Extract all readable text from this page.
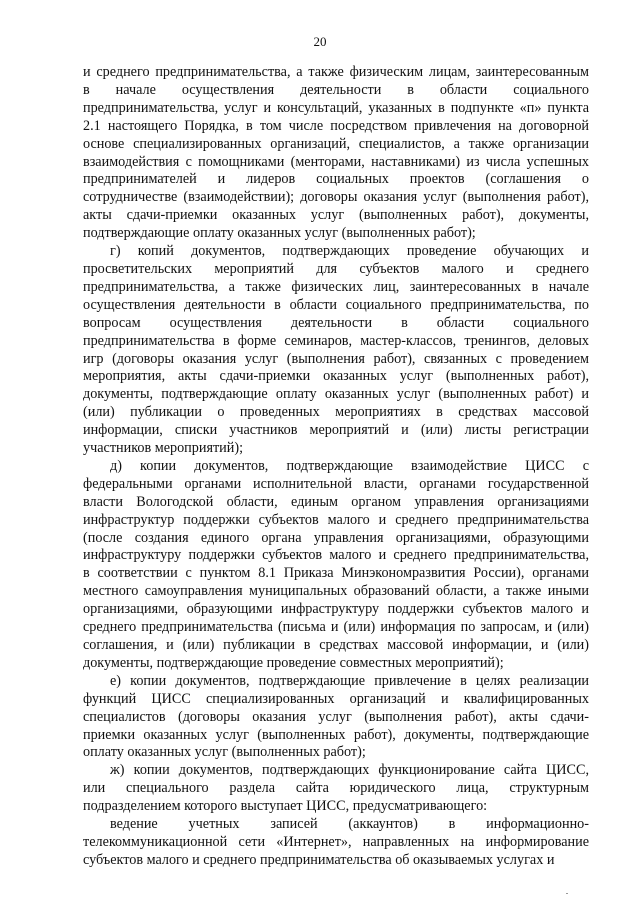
20
и среднего предпринимательства, а также физическим лицам, заинтересованным
в начале осуществления деятельности в области социального
предпринимательства, услуг и консультаций, указанных в подпункте «п» пункта
2.1 настоящего Порядка, в том числе посредством привлечения на договорной
основе специализированных организаций, специалистов, а также организации
взаимодействия с помощниками (менторами, наставниками) из числа успешных
предпринимателей и лидеров социальных проектов (соглашения о
сотрудничестве (взаимодействии); договоры оказания услуг (выполнения работ),
акты сдачи-приемки оказанных услуг (выполненных работ), документы,
подтверждающие оплату оказанных услуг (выполненных работ);
г) копий документов, подтверждающих проведение обучающих и
просветительских мероприятий для субъектов малого и среднего
предпринимательства, а также физических лиц, заинтересованных в начале
осуществления деятельности в области социального предпринимательства, по
вопросам осуществления деятельности в области социального
предпринимательства в форме семинаров, мастер-классов, тренингов, деловых
игр (договоры оказания услуг (выполнения работ), связанных с проведением
мероприятия, акты сдачи-приемки оказанных услуг (выполненных работ),
документы, подтверждающие оплату оказанных услуг (выполненных работ) и
(или) публикации о проведенных мероприятиях в средствах массовой
информации, списки участников мероприятий и (или) листы регистрации
участников мероприятий);
д) копии документов, подтверждающие взаимодействие ЦИСС с
федеральными органами исполнительной власти, органами государственной
власти Вологодской области, единым органом управления организациями
инфраструктур поддержки субъектов малого и среднего предпринимательства
(после создания единого органа управления организациями, образующими
инфраструктуру поддержки субъектов малого и среднего предпринимательства,
в соответствии с пунктом 8.1 Приказа Минэкономразвития России), органами
местного самоуправления муниципальных образований области, а также иными
организациями, образующими инфраструктуру поддержки субъектов малого и
среднего предпринимательства (письма и (или) информация по запросам, и (или)
соглашения, и (или) публикации в средствах массовой информации, и (или)
документы, подтверждающие проведение совместных мероприятий);
е) копии документов, подтверждающие привлечение в целях реализации
функций ЦИСС специализированных организаций и квалифицированных
специалистов (договоры оказания услуг (выполнения работ), акты сдачи-
приемки оказанных услуг (выполненных работ), документы, подтверждающие
оплату оказанных услуг (выполненных работ);
ж) копии документов, подтверждающих функционирование сайта ЦИСС,
или специального раздела сайта юридического лица, структурным
подразделением которого выступает ЦИСС, предусматривающего:
ведение учетных записей (аккаунтов) в информационно-
телекоммуникационной сети «Интернет», направленных на информирование
субъектов малого и среднего предпринимательства об оказываемых услугах и
